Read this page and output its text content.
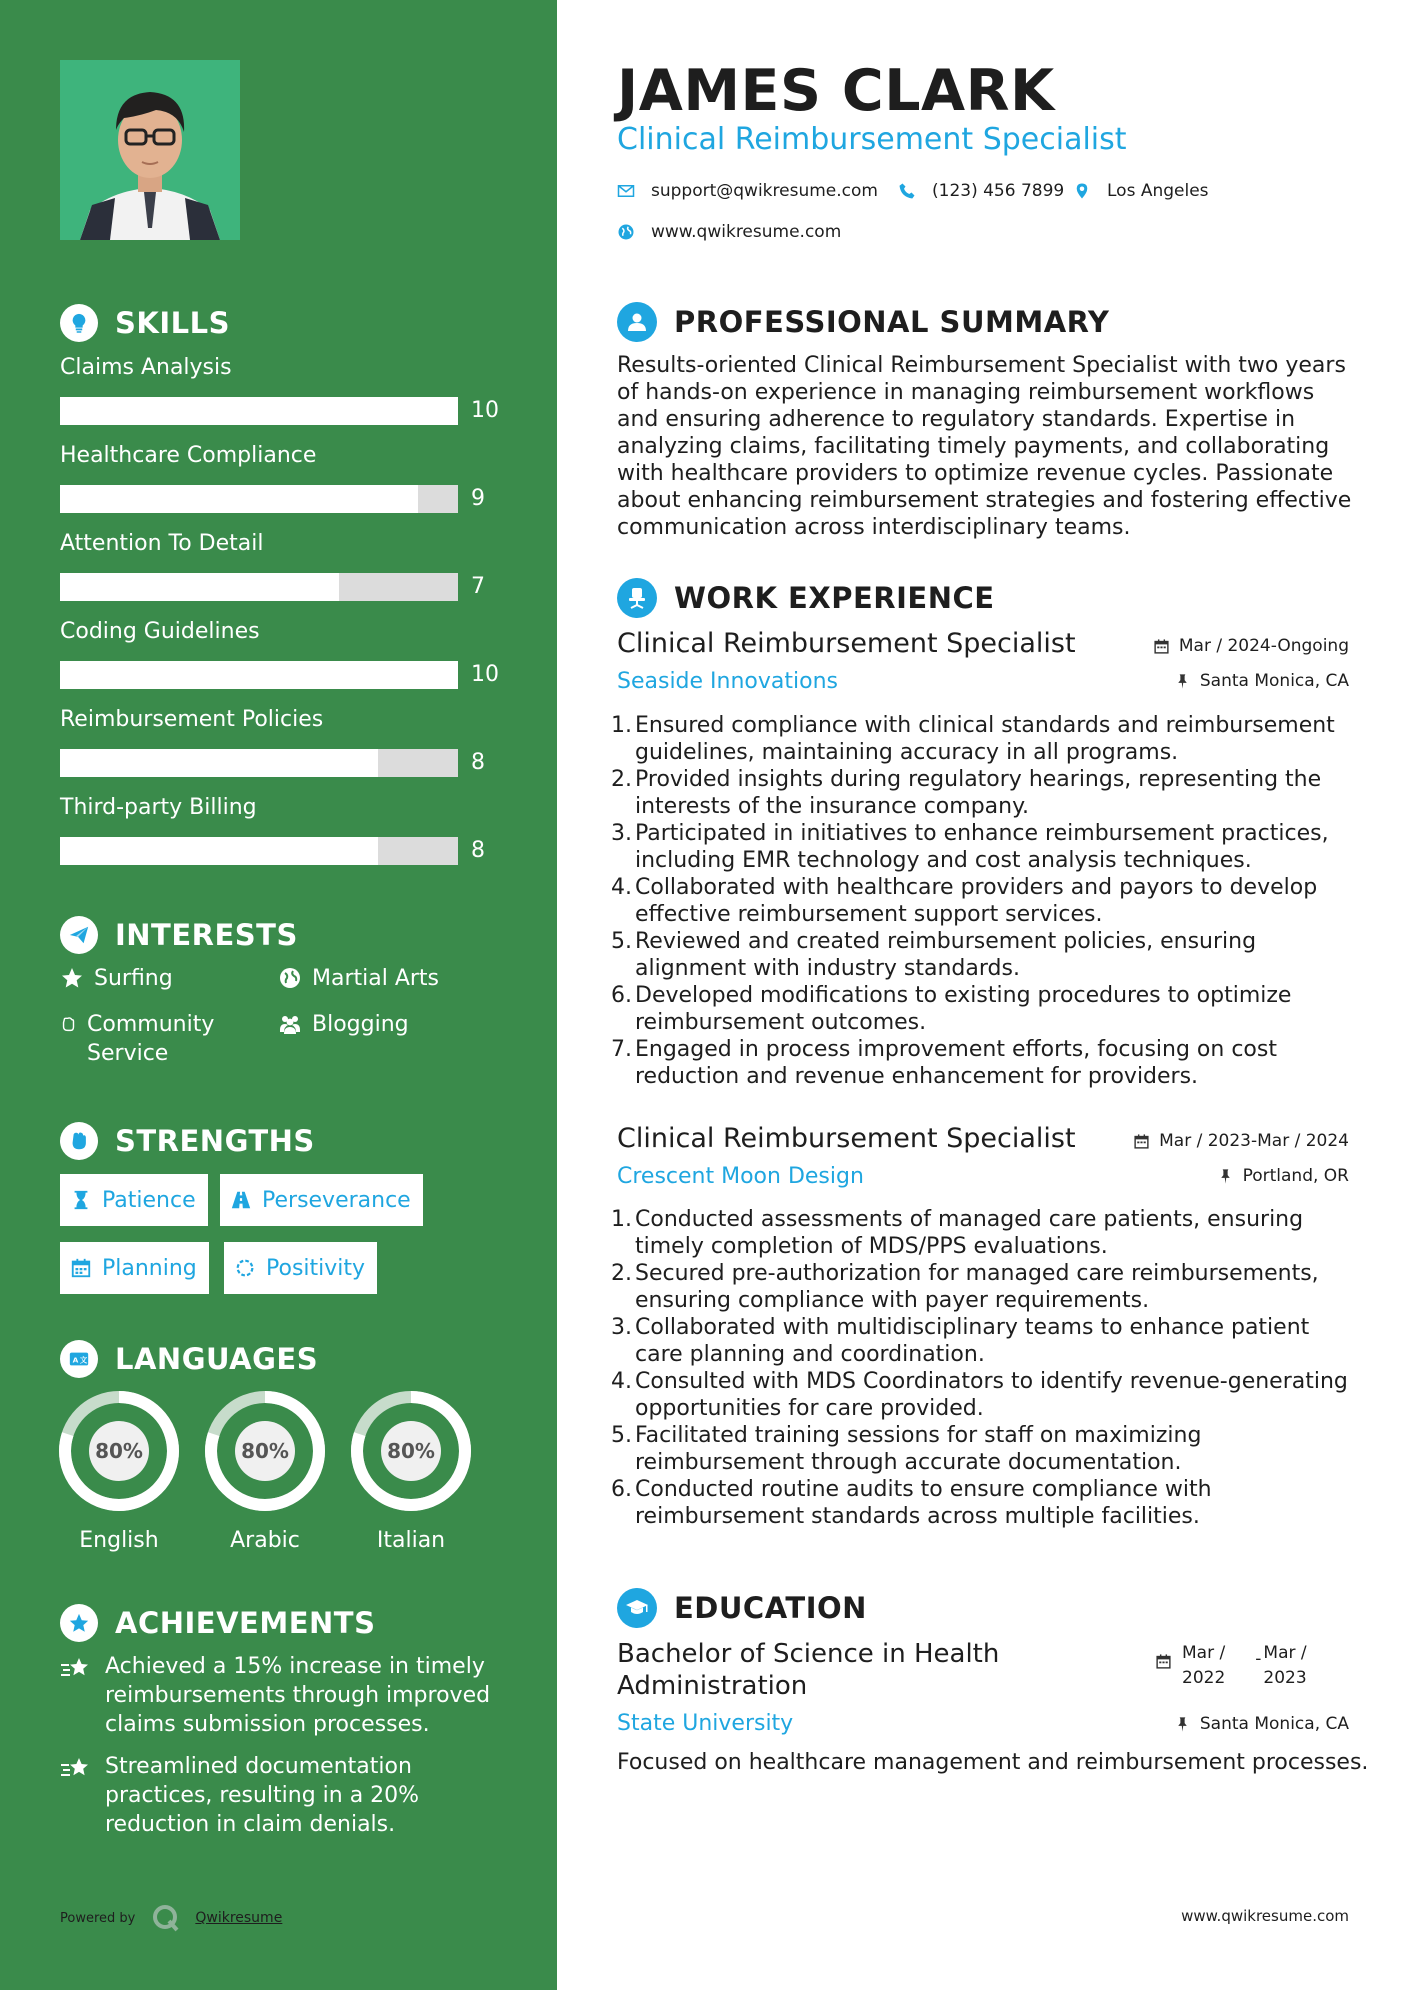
SKILLS
Claims Analysis
10
Healthcare Compliance
9
Attention To Detail
7
Coding Guidelines
10
Reimbursement Policies
8
Third-party Billing
8
INTERESTS
Surfing	Martial Arts
Community Service
Blogging
STRENGTHS
Patience	Perseverance
Planning	Positivity
A 文 LANGUAGES
80%
English
80%
Arabic
80%
Italian
ACHIEVEMENTS
Achieved a 15% increase in timely reimbursements through improved claims submission processes.
Streamlined documentation practices, resulting in a 20% reduction in claim denials.
Powered by	Qwikresume
JAMES CLARK
Clinical Reimbursement Specialist
support@qwikresume.com	(123) 456 7899	Los Angeles
www.qwikresume.com
PROFESSIONAL SUMMARY

Results-oriented Clinical Reimbursement Specialist with two years of hands-on experience in managing reimbursement workflows and ensuring adherence to regulatory standards. Expertise in analyzing claims, facilitating timely payments, and collaborating with healthcare providers to optimize revenue cycles. Passionate about enhancing reimbursement strategies and fostering effective communication across interdisciplinary teams.

WORK EXPERIENCE
Clinical Reimbursement Specialist	Mar / 2024-Ongoing
Seaside Innovations	Santa Monica, CA
1. Ensured compliance with clinical standards and reimbursement guidelines, maintaining accuracy in all programs.
2. Provided insights during regulatory hearings, representing the interests of the insurance company.
3. Participated in initiatives to enhance reimbursement practices, including EMR technology and cost analysis techniques.
4. Collaborated with healthcare providers and payors to develop effective reimbursement support services.
5. Reviewed and created reimbursement policies, ensuring alignment with industry standards.
6. Developed modifications to existing procedures to optimize reimbursement outcomes.
7. Engaged in process improvement efforts, focusing on cost reduction and revenue enhancement for providers.
Clinical Reimbursement Specialist	Mar / 2023-Mar / 2024
Crescent Moon Design	Portland, OR
1. Conducted assessments of managed care patients, ensuring timely completion of MDS/PPS evaluations.
2. Secured pre-authorization for managed care reimbursements, ensuring compliance with payer requirements.
3. Collaborated with multidisciplinary teams to enhance patient care planning and coordination.
4. Consulted with MDS Coordinators to identify revenue-generating opportunities for care provided.
5. Facilitated training sessions for staff on maximizing reimbursement through accurate documentation.
6. Conducted routine audits to ensure compliance with reimbursement standards across multiple facilities.
EDUCATION
Bachelor of Science in Health
Administration
Mar /
2022
- Mar /
2023
State University	Santa Monica, CA

Focused on healthcare management and reimbursement processes.

www.qwikresume.com
